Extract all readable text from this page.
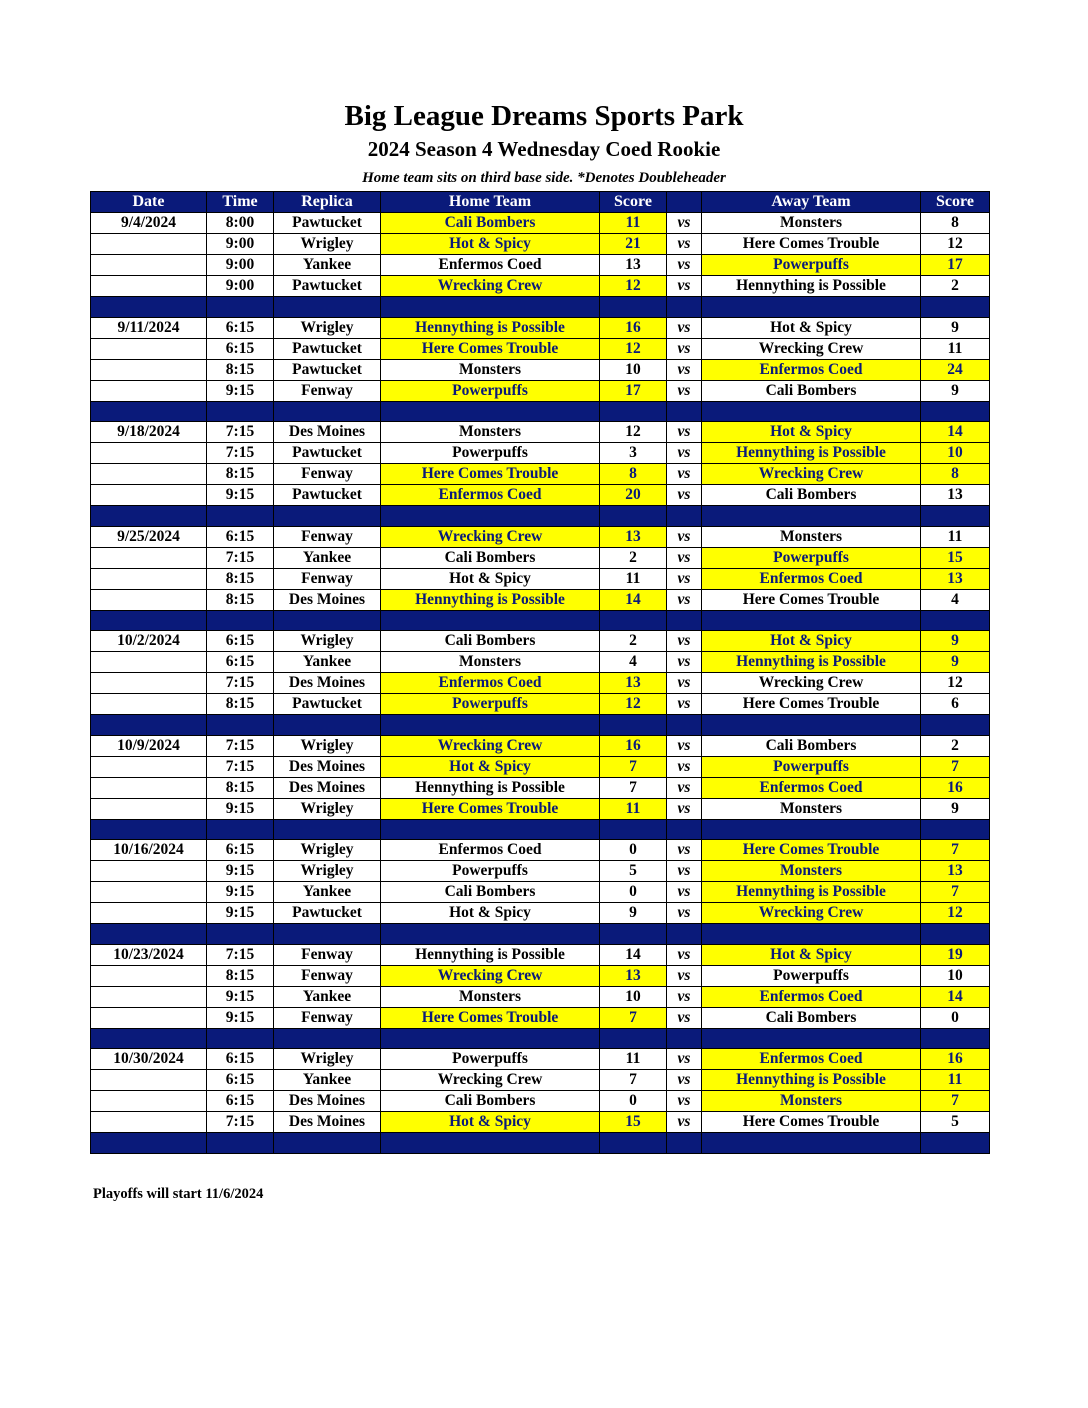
Big League Dreams Sports Park
2024 Season 4 Wednesday Coed Rookie
Home team sits on third base side. *Denotes Doubleheader
Date	Time	Replica	Home Team	Score		Away Team	Score
9/4/2024	8:00	Pawtucket	Cali Bombers	11	vs	Monsters	8
	9:00	Wrigley	Hot & Spicy	21	vs	Here Comes Trouble	12
	9:00	Yankee	Enfermos Coed	13	vs	Powerpuffs	17
	9:00	Pawtucket	Wrecking Crew	12	vs	Hennything is Possible	2

9/11/2024	6:15	Wrigley	Hennything is Possible	16	vs	Hot & Spicy	9
	6:15	Pawtucket	Here Comes Trouble	12	vs	Wrecking Crew	11
	8:15	Pawtucket	Monsters	10	vs	Enfermos Coed	24
	9:15	Fenway	Powerpuffs	17	vs	Cali Bombers	9

9/18/2024	7:15	Des Moines	Monsters	12	vs	Hot & Spicy	14
	7:15	Pawtucket	Powerpuffs	3	vs	Hennything is Possible	10
	8:15	Fenway	Here Comes Trouble	8	vs	Wrecking Crew	8
	9:15	Pawtucket	Enfermos Coed	20	vs	Cali Bombers	13

9/25/2024	6:15	Fenway	Wrecking Crew	13	vs	Monsters	11
	7:15	Yankee	Cali Bombers	2	vs	Powerpuffs	15
	8:15	Fenway	Hot & Spicy	11	vs	Enfermos Coed	13
	8:15	Des Moines	Hennything is Possible	14	vs	Here Comes Trouble	4

10/2/2024	6:15	Wrigley	Cali Bombers	2	vs	Hot & Spicy	9
	6:15	Yankee	Monsters	4	vs	Hennything is Possible	9
	7:15	Des Moines	Enfermos Coed	13	vs	Wrecking Crew	12
	8:15	Pawtucket	Powerpuffs	12	vs	Here Comes Trouble	6

10/9/2024	7:15	Wrigley	Wrecking Crew	16	vs	Cali Bombers	2
	7:15	Des Moines	Hot & Spicy	7	vs	Powerpuffs	7
	8:15	Des Moines	Hennything is Possible	7	vs	Enfermos Coed	16
	9:15	Wrigley	Here Comes Trouble	11	vs	Monsters	9

10/16/2024	6:15	Wrigley	Enfermos Coed	0	vs	Here Comes Trouble	7
	9:15	Wrigley	Powerpuffs	5	vs	Monsters	13
	9:15	Yankee	Cali Bombers	0	vs	Hennything is Possible	7
	9:15	Pawtucket	Hot & Spicy	9	vs	Wrecking Crew	12

10/23/2024	7:15	Fenway	Hennything is Possible	14	vs	Hot & Spicy	19
	8:15	Fenway	Wrecking Crew	13	vs	Powerpuffs	10
	9:15	Yankee	Monsters	10	vs	Enfermos Coed	14
	9:15	Fenway	Here Comes Trouble	7	vs	Cali Bombers	0

10/30/2024	6:15	Wrigley	Powerpuffs	11	vs	Enfermos Coed	16
	6:15	Yankee	Wrecking Crew	7	vs	Hennything is Possible	11
	6:15	Des Moines	Cali Bombers	0	vs	Monsters	7
	7:15	Des Moines	Hot & Spicy	15	vs	Here Comes Trouble	5

Playoffs will start 11/6/2024
